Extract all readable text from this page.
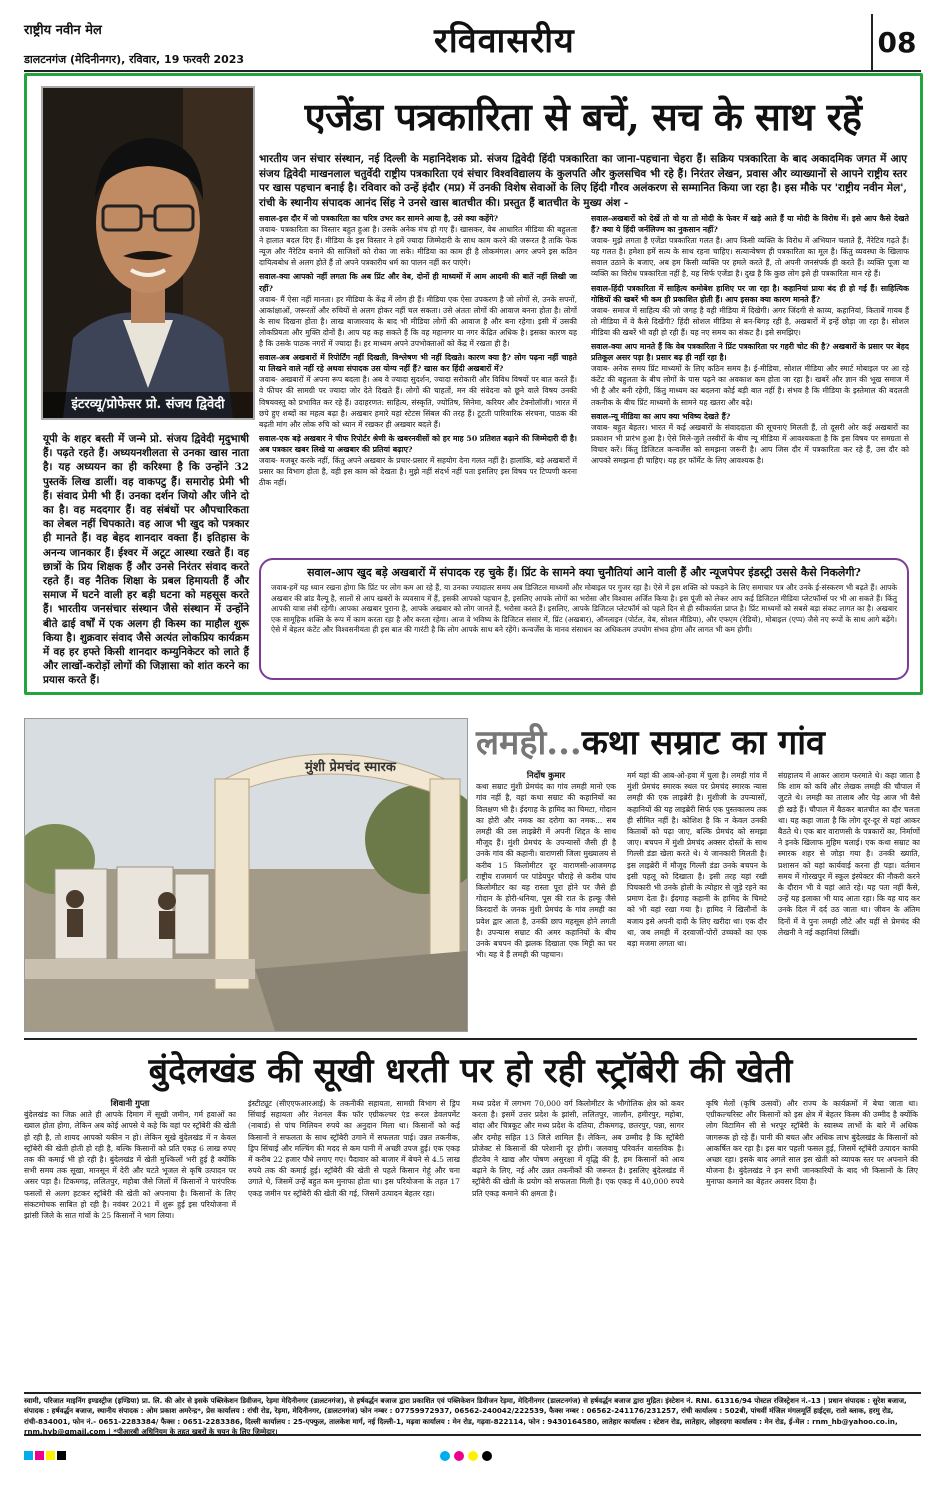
राष्ट्रीय नवीन मेल
डालटनगंज (मेदिनीनगर), रविवार, 19 फरवरी 2023	रविवासरीय	08
इंटरव्यू/प्रोफेसर प्रो. संजय द्विवेदी
यूपी के शहर बस्ती में जन्मे प्रो. संजय द्विवेदी मृदुभाषी हैं। पढ़ते रहते हैं। अध्ययनशीलता से उनका खास नाता है। यह अध्ययन का ही करिश्मा है कि उन्होंने 32 पुस्तकें लिख डालीं। वह वाकपटु हैं। समारोह प्रेमी भी हैं। संवाद प्रेमी भी हैं। उनका दर्शन जियो और जीने दो का है। वह मददगार हैं। वह संबंधों पर औपचारिकता का लेबल नहीं चिपकाते। वह आज भी खुद को पत्रकार ही मानते हैं। वह बेहद शानदार वक्ता हैं। इतिहास के अनन्य जानकार हैं। ईश्वर में अटूट आस्था रखते हैं। वह छात्रों के प्रिय शिक्षक हैं और उनसे निरंतर संवाद करते रहते हैं। वह नैतिक शिक्षा के प्रबल हिमायती हैं और समाज में घटने वाली हर बड़ी घटना को महसूस करते हैं। भारतीय जनसंचार संस्थान जैसे संस्थान में उन्होंने बीते ढाई वर्षों में एक अलग ही किस्म का माहौल शुरू किया है। शुक्रवार संवाद जैसे अत्यंत लोकप्रिय कार्यक्रम में वह हर हफ्ते किसी शानदार कम्युनिकेटर को लाते हैं और लाखों-करोड़ों लोगों की जिज्ञासा को शांत करने का प्रयास करते हैं।
एजेंडा पत्रकारिता से बचें, सच के साथ रहें
भारतीय जन संचार संस्थान, नई दिल्ली के महानिदेशक प्रो. संजय द्विवेदी हिंदी पत्रकारिता का जाना-पहचाना चेहरा हैं। सक्रिय पत्रकारिता के बाद अकादमिक जगत में आए संजय द्विवेदी माखनलाल चतुर्वेदी राष्ट्रीय पत्रकारिता एवं संचार विश्वविद्यालय के कुलपति और कुलसचिव भी रहे हैं। निरंतर लेखन, प्रवास और व्याख्यानों से आपने राष्ट्रीय स्तर पर खास पहचान बनाई है। रविवार को उन्हें इंदौर (मप्र) में उनकी विशेष सेवाओं के लिए हिंदी गौरव अलंकरण से सम्मानित किया जा रहा है। इस मौके पर 'राष्ट्रीय नवीन मेल', रांची के स्थानीय संपादक आनंद सिंह ने उनसे खास बातचीत की। प्रस्तुत हैं बातचीत के मुख्य अंश -

सवाल-इस दौर में जो पत्रकारिता का चरित्र उभर कर सामने आया है, उसे क्या कहेंगे?
जवाब- पत्रकारिता का विस्तार बहुत हुआ है। उसके अनेक मंच हो गए हैं। खासकर, वेब आधारित मीडिया की बहुलता ने हालात बदल दिए हैं। मीडिया के इस विस्तार ने हमें ज्यादा जिम्मेदारी के साथ काम करने की जरूरत है ताकि फेक न्यूज और नैरेटिव बनाने की साजिशों को रोका जा सके। मीडिया का काम ही है लोकमंगल। अगर अपने इस कठिन दायित्वबोध से अलग होते हैं तो अपने पत्रकारीय धर्म का पालन नहीं कर पाएंगे।

सवाल-क्या आपको नहीं लगता कि अब प्रिंट और वेब, दोनों ही माध्यमों में आम आदमी की बातें नहीं लिखी जा रहीं?
जवाब- मैं ऐसा नहीं मानता। हर मीडिया के केंद्र में लोग ही हैं। मीडिया एक ऐसा उपकरण है जो लोगों से, उनके सपनों, आकांक्षाओं, जरूरतों और रुचियों से अलग होकर नहीं चल सकता। उसे अंततः लोगों की आवाज बनना होता है। लोगों के साथ दिखना होता है। लाख बाजारवाद के बाद भी मीडिया लोगों की आवाज है और बना रहेगा। इसी में उसकी लोकप्रियता और मुक्ति दोनों है। आप यह कह सकते हैं कि वह महानगर या नगर केंद्रित अधिक है। इसका कारण यह है कि उसके पाठक नगरों में ज्यादा हैं। हर माध्यम अपने उपभोक्ताओं को केंद्र में रखता ही है।

सवाल-अब अखबारों में रिपोर्टिंग नहीं दिखती, विश्लेषण भी नहीं दिखते। कारण क्या है? लोग पढ़ना नहीं चाहते या लिखने वाले नहीं रहे अथवा संपादक उस योग्य नहीं हैं? खास कर हिंदी अखबारों में?
जवाब- अखबारों में अपना रूप बदला है। अब वे ज्यादा सुदर्शन, ज्यादा सरोकारी और विविध विषयों पर बात करते हैं। वे फीचर की सामग्री पर ज्यादा जोर देते दिखते हैं। लोगों की चाहतों, मन की संवेदना को छूने वाले विषय उनकी विषयवस्तु को प्रभावित कर रहे हैं। उदाहरणत: साहित्य, संस्कृति, ज्योतिष, सिनेमा, करियर और टेक्नोलॉजी। भारत में छपे हुए शब्दों का महत्व बढ़ा है। अखबार हमारे यहां स्टेटस सिंबल की तरह हैं। टूटती पारिवारिक संरचना, पाठक की बढ़ती मांग और लोक रुचि को ध्यान में रखकर ही अखबार बदले हैं।

सवाल-एक बड़े अखबार ने चीफ रिपोर्टर श्रेणी के खबरनवीसों को हर माह 50 प्रतिशत बढ़ाने की जिम्मेदारी दी है। अब पत्रकार खबर लिखे या अखबार की प्रतियां बढ़ाए?
जवाब- मजबूर करके नहीं, किंतु अपने अखबार के प्रचार-प्रसार में सहयोग देना गलत नहीं है। हालांकि, बड़े अखबारों में प्रसार का विभाग होता है, वही इस काम को देखता है। मुझे नहीं संदर्भ नहीं पता इसलिए इस विषय पर टिप्पणी करना ठीक नहीं।

सवाल-अखबारों को देखें तो वो या तो मोदी के फेवर में खड़े आते हैं या मोदी के विरोध में। इसे आप कैसे देखते हैं? क्या ये हिंदी जर्नलिज्म का नुकसान नहीं?
जवाब- मुझे लगता है एजेंडा पत्रकारिता गलत है। आप किसी व्यक्ति के विरोध में अभियान चलाते हैं, नैरेटिव गढ़ते हैं। यह गलत है। हमेशा हमें सत्य के साथ रहना चाहिए। सत्यान्वेषण ही पत्रकारिता का मूल है। किंतु व्यवस्था के खिलाफ सवाल उठाने के बजाए, अब हम किसी व्यक्ति पर हमले करते हैं, तो अपनी जनसंपर्क ही करते हैं। व्यक्ति पूजा या व्यक्ति का विरोध पत्रकारिता नहीं है, यह सिर्फ एजेंडा है। दुख है कि कुछ लोग इसे ही पत्रकारिता मान रहे हैं।

सवाल-हिंदी पत्रकारिता में साहित्य कमोबेश हाशिए पर जा रहा है। कहानियां प्रायः बंद ही हो गई हैं। साहित्यिक गोष्ठियों की खबरें भी कम ही प्रकाशित होती हैं। आप इसका क्या कारण मानते हैं?
जवाब- समाज में साहित्य की जो जगह है वही मीडिया में दिखेगी। अगर जिंदगी से काव्य, कहानियां, किताबें गायब हैं तो मीडिया में वे कैसे दिखेंगी? हिंदी सोशल मीडिया से बन-बिगड़ रही है, अखबारों में इन्हें छोड़ा जा रहा है। सोशल मीडिया की खबरें भी वही हो रही हैं। यह नए समय का संकट है। इसे समझिए।

सवाल-क्या आप मानते हैं कि वेब पत्रकारिता ने प्रिंट पत्रकारिता पर गहरी चोट की है? अखबारों के प्रसार पर बेहद प्रतिकूल असर पड़ा है। प्रसार बढ़ ही नहीं रहा है।
जवाब- अनेक समय प्रिंट माध्यमों के लिए कठिन समय है। ई-मीडिया, सोशल मीडिया और स्मार्ट मोबाइल पर आ रहे कंटेंट की बहुलता के बीच लोगों के पास पढ़ने का अवकाश कम होता जा रहा है। खबरें और ज्ञान की भूख समाज में भी है और बनी रहेगी, किंतु माध्यम का बदलना कोई बड़ी बात नहीं है। संभव है कि मीडिया के इस्तेमाल की बदलती तकनीक के बीच प्रिंट माध्यमों के सामने यह खतरा और बढ़े।

सवाल-न्यू मीडिया का आप क्या भविष्य देखते हैं?
जवाब- बहुत बेहतर। भारत में कई अखबारों के संवाददाता की सूचनाएं मिलती हैं, तो दूसरी ओर कई अखबारों का प्रकाशन भी प्रारंभ हुआ है। ऐसे मिले-जुले तस्वीरों के बीच न्यू मीडिया में आवश्यकता है कि इस विषय पर समग्रता से विचार करें। किंतु डिजिटल कन्वर्जेंस को समझना जरूरी है। आप जिस दौर में पत्रकारिता कर रहे हैं, उस दौर को आपको समझना ही चाहिए। यह हर फॉर्मेट के लिए आवश्यक है।

सवाल-आप खुद बड़े अखबारों में संपादक रह चुके हैं। प्रिंट के सामने क्या चुनौतियां आने वाली हैं और न्यूजपेपर इंडस्ट्री उससे कैसे निकलेगी?
जवाब-हमें यह ध्यान रखना होगा कि प्रिंट पर लोग कम आ रहे हैं, या उनका ज्यादातर समय अब डिजिटल माध्यमों और मोबाइल पर गुजर रहा है। ऐसे में इस शक्ति को पकड़ने के लिए समाचार पत्र और उनके ई-संस्करण भी बढ़ते हैं। आपके अखबार की ब्रांड वैल्यू है, सालों से आप खबरों के व्यवसाय में हैं, इसकी आपको पहचान है, इसलिए आपके लोगों का भरोसा और विश्वास अर्जित किया है। इस पूंजी को लेकर आप कई डिजिटल मीडिया प्लेटफॉर्म्स पर भी आ सकते हैं। किंतु आपकी यात्रा लंबी रहेगी। आपका अखबार पुराना है, आपके अखबार को लोग जानते हैं, भरोसा करते हैं। इसलिए, आपके डिजिटल प्लेटफॉर्म को पहले दिन से ही स्वीकार्यता प्राप्त है। प्रिंट माध्यमों को सबसे बड़ा संकट लागत का है। अखबार एक सामूहिक शक्ति के रूप में काम करता रहा है और करता रहेगा। आज वे भविष्य के डिजिटल संसार में, प्रिंट (अखबार), ऑनलाइन (पोर्टल, वेब, सोशल मीडिया), और एफएम (रेडियो), मोबाइल (एप्प) जैसे नए रूपों के साथ आगे बढ़ेंगे। ऐसे में बेहतर कंटेंट और विश्वसनीयता ही इस बात की गारंटी है कि लोग आपके साथ बने रहेंगे। कन्वर्जेंस के मानव संसाधन का अधिकतम उपयोग संभव होगा और लागत भी कम होगी।
मुंशी प्रेमचंद स्मारक
लमही...कथा सम्राट का गांव
निर्दोष कुमार
कथा सम्राट मुंशी प्रेमचंद का गांव लमही मानो एक गांव नहीं है, वहां कथा सम्राट की कहानियों का विलक्षण भी है। ईदगाह के हामिद का चिमटा, गोदान का होरी और नमक का दरोगा का नमक... सब लमही की उस लाइब्रेरी में अपनी शिद्दत के साथ मौजूद हैं। मुंशी प्रेमचंद के उपन्यासों जैसी ही है उनके गांव की कहानी। वाराणसी जिला मुख्यालय से करीब 15 किलोमीटर दूर वाराणसी-आजमगढ़ राष्ट्रीय राजमार्ग पर पांडेयपुर चौराहे से करीब पांच किलोमीटर का यह रास्ता पूरा होने पर जैसे ही गोदान के होरी-धनिया, पूस की रात के हल्कू जैसे किरदारों के जनक मुंशी प्रेमचंद के गांव लमही का प्रवेश द्वार आता है, उनकी छाप महसूस होने लगती है। उपन्यास सम्राट की अमर कहानियों के बीच उनके बचपन की झलक दिखाता एक मिट्टी का घर भी। यह वे हैं लमही की पहचान।
मर्म यहां की आब-ओ-हवा में घुला है। लमही गांव में मुंशी प्रेमचंद स्मारक स्थल पर प्रेमचंद स्मारक न्यास लमही की एक लाइब्रेरी है। मुंशीजी के उपन्यासों, कहानियों की यह लाइब्रेरी सिर्फ एक पुस्तकालय तक ही सीमित नहीं है। कोशिश है कि न केवल उनकी किताबों को पढ़ा जाए, बल्कि प्रेमचंद को समझा जाए। बचपन में मुंशी प्रेमचंद अक्सर दोस्तों के साथ गिल्ली डंडा खेला करते थे। ये जानकारी मिलती है। इस लाइब्रेरी में मौजूद गिल्ली डंडा उनके बचपन के इसी पहलू को दिखाता है। इसी तरह यहां रखी पिचकारी भी उनके होली के त्योहार से जुड़े रहने का प्रमाण देता है। ईदगाह कहानी के हामिद के चिमटे को भी यहां रखा गया है। हामिद ने खिलौनों के बजाय इसे अपनी दादी के लिए खरीदा था। एक दौर था, जब लमही में दरवाजों-पोरों उच्चकों का एक बड़ा मजमा लगता था।
संग्रहालय में आकर आराम फरमाते थे। कहा जाता है कि शाम को कवि और लेखक लमही की चौपाल में जुटते थे। लमही का तालाब और पेड़ आज भी वैसे ही खड़े हैं। चौपाल में बैठकर बातचीत का दौर चलता था। यह कहा जाता है कि लोग दूर-दूर से यहां आकर बैठते थे। एक बार वाराणसी के पत्रकारों का, निर्माणों ने इनके खिलाफ मुहिम चलाई। एक कथा सम्राट का स्मारक शहर से जोड़ा गया है। उनकी ख्याति, प्रशासन को यहां कार्यवाई करना ही पड़ा। वर्तमान समय में गोरखपुर में स्कूल इंस्पेक्टर की नौकरी करने के दौरान भी वे यहां आते रहे। यह पता नहीं कैसे, उन्हें यह इलाका भी याद आता रहा। कि वह याद कर उनके दिल में दर्द उठ जाता था। जीवन के अंतिम दिनों में वे पुनः लमही लौटे और यहीं से प्रेमचंद की लेखनी ने नई कहानियां लिखीं।
बुंदेलखंड की सूखी धरती पर हो रही स्ट्रॉबेरी की खेती
शिवानी गुप्ता
बुंदेलखंड का जिक्र आते ही आपके दिमाग में सूखी जमीन, गर्म हवाओं का ख्याल होता होगा, लेकिन अब कोई आपसे ये कहे कि वहां पर स्ट्रॉबेरी की खेती हो रही है, तो शायद आपको यकीन न हो। लेकिन सूखे बुंदेलखंड में न केवल स्ट्रॉबेरी की खेती होती हो रही है, बल्कि किसानों को प्रति एकड़ 6 लाख रुपए तक की कमाई भी हो रही है। बुंदेलखंड में खेती मुश्किलों भरी हुई है क्योंकि सभी समय तक सूखा, मानसून में देरी और घटते भूजल से कृषि उत्पादन पर असर पड़ा है। टिकमगढ़, ललितपुर, महोबा जैसे जिलों में किसानों ने पारंपरिक फसलों से अलग हटकर स्ट्रॉबेरी की खेती को अपनाया है। किसानों के लिए संकटमोचक साबित हो रही है। नवंबर 2021 में शुरू हुई इस परियोजना में झांसी जिले के सात गांवों के 25 किसानों ने भाग लिया।
इंस्टीट्यूट (सीएएफआरआई) के तकनीकी सहायता, सामग्री विभाग से ड्रिप सिंचाई सहायता और नेशनल बैंक फॉर एग्रीकल्चर एंड रूरल डेवलपमेंट (नाबार्ड) से पांच मिलियन रुपये का अनुदान मिला था। किसानों को कई किसानों ने सफलता के साथ स्ट्रॉबेरी उगाने में सफलता पाई। उन्नत तकनीक, ड्रिप सिंचाई और मल्चिंग की मदद से कम पानी में अच्छी उपज हुई। एक एकड़ में करीब 22 हजार पौधे लगाए गए। पैदावार को बाजार में बेचने से 4.5 लाख रुपये तक की कमाई हुई। स्ट्रॉबेरी की खेती से पहले किसान गेहूं और चना उगाते थे, जिसमें उन्हें बहुत कम मुनाफा होता था। इस परियोजना के तहत 17 एकड़ जमीन पर स्ट्रॉबेरी की खेती की गई, जिसमें उत्पादन बेहतर रहा।
मध्य प्रदेश में लगभग 70,000 वर्ग किलोमीटर के भौगोलिक क्षेत्र को कवर करता है। इसमें उत्तर प्रदेश के झांसी, ललितपुर, जालौन, हमीरपुर, महोबा, बांदा और चित्रकूट और मध्य प्रदेश के दतिया, टीकमगढ़, छतरपुर, पन्ना, सागर और दमोह सहित 13 जिले शामिल हैं। लेकिन, अब उम्मीद है कि स्ट्रॉबेरी प्रोजेक्ट से किसानों की परेशानी दूर होगी। जलवायु परिवर्तन वास्तविक है। हीटवेव ने खाद्य और पोषण असुरक्षा में वृद्धि की है, हम किसानों को आय बढ़ाने के लिए, नई और उन्नत तकनीकों की जरूरत है। इसलिए बुंदेलखंड में स्ट्रॉबेरी की खेती के प्रयोग को सफलता मिली है। एक एकड़ में 40,000 रुपये प्रति एकड़ कमाने की क्षमता है।
कृषि मेलों (कृषि उत्सवों) और राज्य के कार्यक्रमों में बेचा जाता था। एग्रीकल्चरिस्ट और किसानों को इस क्षेत्र में बेहतर किस्म की उम्मीद है क्योंकि लोग विटामिन सी से भरपूर स्ट्रॉबेरी के स्वास्थ्य लाभों के बारे में अधिक जागरूक हो रहे हैं। पानी की बचत और अधिक लाभ बुंदेलखंड के किसानों को आकर्षित कर रहा है। इस बार पहली फसल हुई, जिसमें स्ट्रॉबेरी उत्पादन काफी अच्छा रहा। इसके बाद अगले साल इस खेती को व्यापक स्तर पर अपनाने की योजना है। बुंदेलखंड ने इन सभी जानकारियों के बाद भी किसानों के लिए मुनाफा कमाने का बेहतर अवसर दिया है।
स्वामी, परिजात माइनिंग इण्डस्ट्रीज (इण्डिया) प्रा. लि. की ओर से इसके पब्लिकेशन डिवीजन, रेड़मा मेदिनीनगर (डालटनगंज), से हर्षवर्द्धन बजाज द्वारा प्रकाशित एवं पब्लिकेशन डिवीजन रेड़मा, मेदिनीनगर (डालटनगंज) से हर्षवर्द्धन बजाज द्वारा मुद्रित। इंस्टेशन नं. RNI. 61316/94 पोस्टल रजिस्ट्रेशन नं.-13 | प्रधान संपादक : सुरेश बजाज, संपादक : हर्षवर्द्धन बजाज, स्थानीय संपादक : ओम प्रकाश अमरेन्द्र*, प्रेस कार्यालय : रांची रोड, रेड़मा, मेदिनीनगर, (डालटनगंज) फोन नम्बर : 07759972937, 06562-240042/222539, फैक्स नम्बर : 06562-241176/231257, रांची कार्यालय : 502बी, पांचवीं मंजिल मंगलमूर्ति हाईट्स, रातो ब्लाक, हरमु रोड, रांची-834001, फोन नं.- 0651-2283384/ फैक्स : 0651-2283386, दिल्ली कार्यालय : 25-एफ्फुल, तालकेश मार्ग, नई दिल्ली-1, मढ़वा कार्यालय : मेन रोड, गढ़वा-822114, फोन : 9430164580, लातेहार कार्यालय : स्टेशन रोड, लातेहार, लोहरदगा कार्यालय : मेन रोड, ई-मेल : rnm_hb@yahoo.co.in, rnm.hvb@gmail.com | *पीआरबी अधिनियम के तहत खबरों के चयन के लिए जिम्मेदार।
